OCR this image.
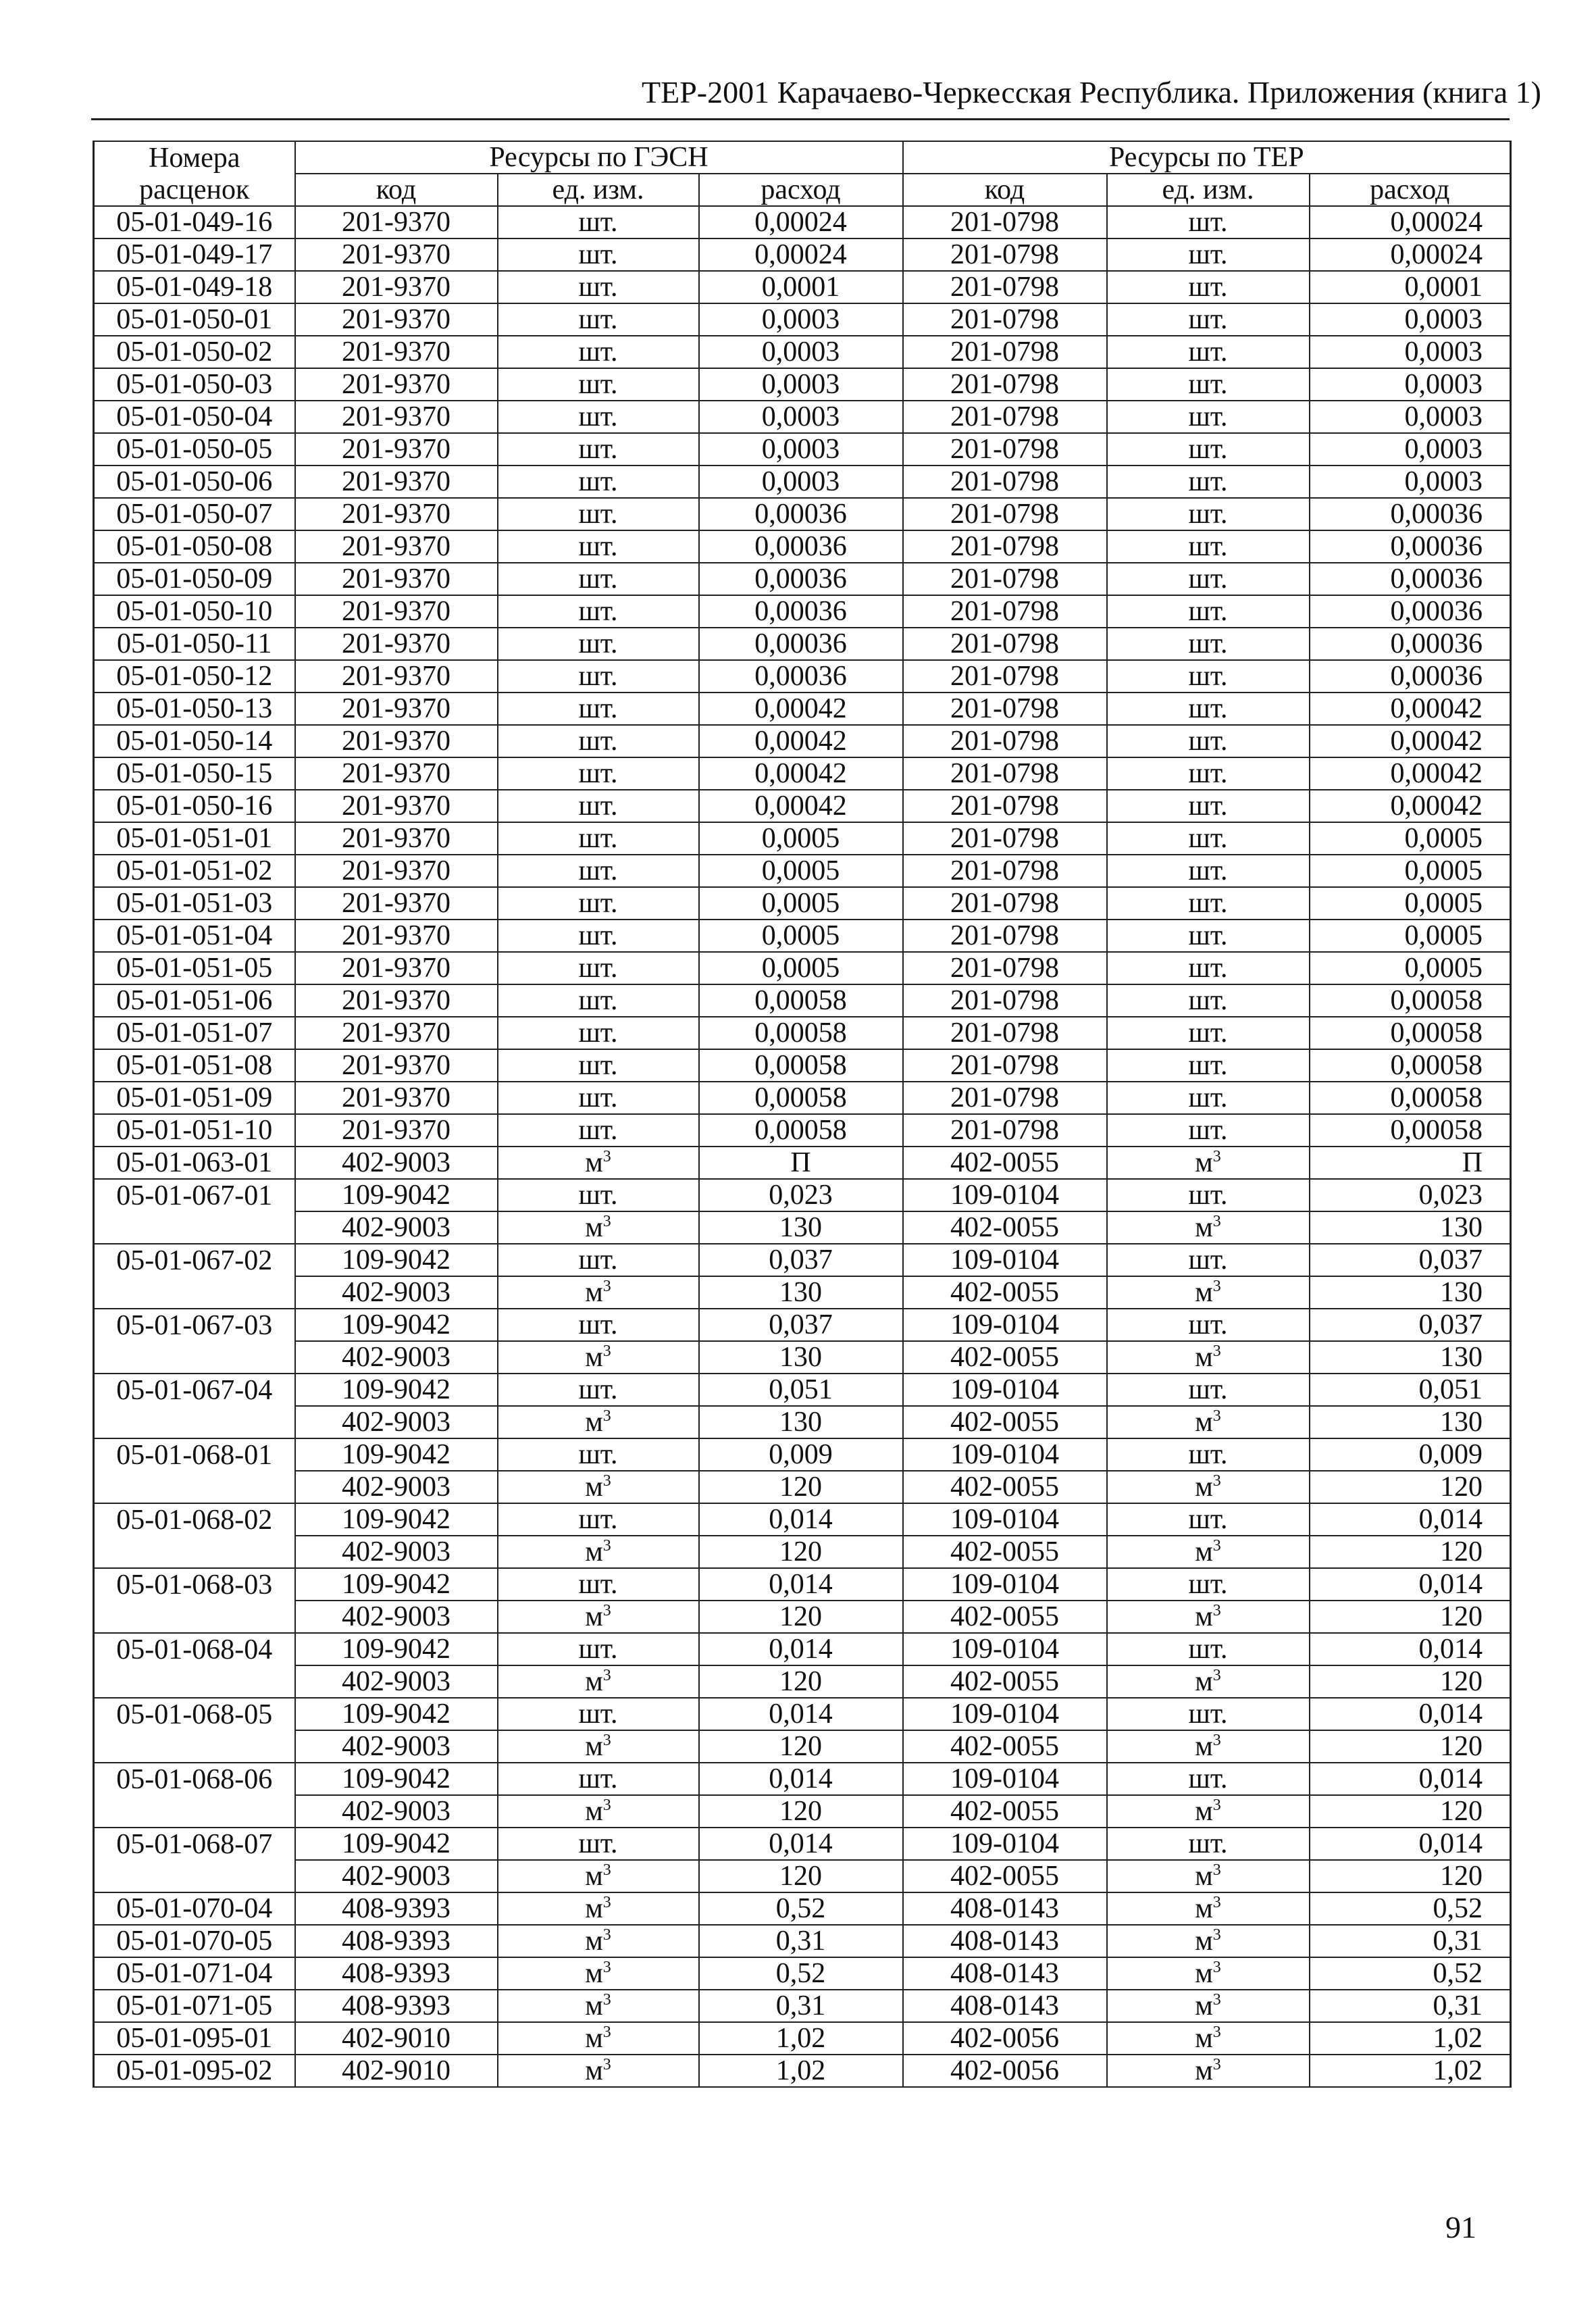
ТЕР-2001 Карачаево-Черкесская Республика. Приложения (книга 1)
Номера	Ресурсы по ГЭСН			Ресурсы по ТЕР		
расценок	код	ед. изм.	расход	код	ед. изм.	расход
05-01-049-16	201-9370	шт.	0,00024	201-0798	шт.	0,00024
05-01-049-17	201-9370	шт.	0,00024	201-0798	шт.	0,00024
05-01-049-18	201-9370	шт.	0,0001	201-0798	шт.	0,0001
05-01-050-01	201-9370	шт.	0,0003	201-0798	шт.	0,0003
05-01-050-02	201-9370	шт.	0,0003	201-0798	шт.	0,0003
05-01-050-03	201-9370	шт.	0,0003	201-0798	шт.	0,0003
05-01-050-04	201-9370	шт.	0,0003	201-0798	шт.	0,0003
05-01-050-05	201-9370	шт.	0,0003	201-0798	шт.	0,0003
05-01-050-06	201-9370	шт.	0,0003	201-0798	шт.	0,0003
05-01-050-07	201-9370	шт.	0,00036	201-0798	шт.	0,00036
05-01-050-08	201-9370	шт.	0,00036	201-0798	шт.	0,00036
05-01-050-09	201-9370	шт.	0,00036	201-0798	шт.	0,00036
05-01-050-10	201-9370	шт.	0,00036	201-0798	шт.	0,00036
05-01-050-11	201-9370	шт.	0,00036	201-0798	шт.	0,00036
05-01-050-12	201-9370	шт.	0,00036	201-0798	шт.	0,00036
05-01-050-13	201-9370	шт.	0,00042	201-0798	шт.	0,00042
05-01-050-14	201-9370	шт.	0,00042	201-0798	шт.	0,00042
05-01-050-15	201-9370	шт.	0,00042	201-0798	шт.	0,00042
05-01-050-16	201-9370	шт.	0,00042	201-0798	шт.	0,00042
05-01-051-01	201-9370	шт.	0,0005	201-0798	шт.	0,0005
05-01-051-02	201-9370	шт.	0,0005	201-0798	шт.	0,0005
05-01-051-03	201-9370	шт.	0,0005	201-0798	шт.	0,0005
05-01-051-04	201-9370	шт.	0,0005	201-0798	шт.	0,0005
05-01-051-05	201-9370	шт.	0,0005	201-0798	шт.	0,0005
05-01-051-06	201-9370	шт.	0,00058	201-0798	шт.	0,00058
05-01-051-07	201-9370	шт.	0,00058	201-0798	шт.	0,00058
05-01-051-08	201-9370	шт.	0,00058	201-0798	шт.	0,00058
05-01-051-09	201-9370	шт.	0,00058	201-0798	шт.	0,00058
05-01-051-10	201-9370	шт.	0,00058	201-0798	шт.	0,00058
05-01-063-01	402-9003	$м^3$	П	402-0055	$м^3$	П
05-01-067-01	109-9042	шт.	0,023	109-0104	шт.	0,023
	402-9003	$м^3$	130	402-0055	$м^3$	130
05-01-067-02	109-9042	шт.	0,037	109-0104	шт.	0,037
	402-9003	$м^3$	130	402-0055	$м^3$	130
05-01-067-03	109-9042	шт.	0,037	109-0104	шт.	0,037
	402-9003	$м^3$	130	402-0055	$м^3$	130
05-01-067-04	109-9042	шт.	0,051	109-0104	шт.	0,051
	402-9003	$м^3$	130	402-0055	$м^3$	130
05-01-068-01	109-9042	шт.	0,009	109-0104	шт.	0,009
	402-9003	$м^3$	120	402-0055	$м^3$	120
05-01-068-02	109-9042	шт.	0,014	109-0104	шт.	0,014
	402-9003	$м^3$	120	402-0055	$м^3$	120
05-01-068-03	109-9042	шт.	0,014	109-0104	шт.	0,014
	402-9003	$м^3$	120	402-0055	$м^3$	120
05-01-068-04	109-9042	шт.	0,014	109-0104	шт.	0,014
	402-9003	$м^3$	120	402-0055	$м^3$	120
05-01-068-05	109-9042	шт.	0,014	109-0104	шт.	0,014
	402-9003	$м^3$	120	402-0055	$м^3$	120
05-01-068-06	109-9042	шт.	0,014	109-0104	шт.	0,014
	402-9003	$м^3$	120	402-0055	$м^3$	120
05-01-068-07	109-9042	шт.	0,014	109-0104	шт.	0,014
	402-9003	$м^3$	120	402-0055	$м^3$	120
05-01-070-04	408-9393	$м^3$	0,52	408-0143	$м^3$	0,52
05-01-070-05	408-9393	$м^3$	0,31	408-0143	$м^3$	0,31
05-01-071-04	408-9393	$м^3$	0,52	408-0143	$м^3$	0,52
05-01-071-05	408-9393	$м^3$	0,31	408-0143	$м^3$	0,31
05-01-095-01	402-9010	$м^3$	1,02	402-0056	$м^3$	1,02
05-01-095-02	402-9010	$м^3$	1,02	402-0056	$м^3$	1,02
91
